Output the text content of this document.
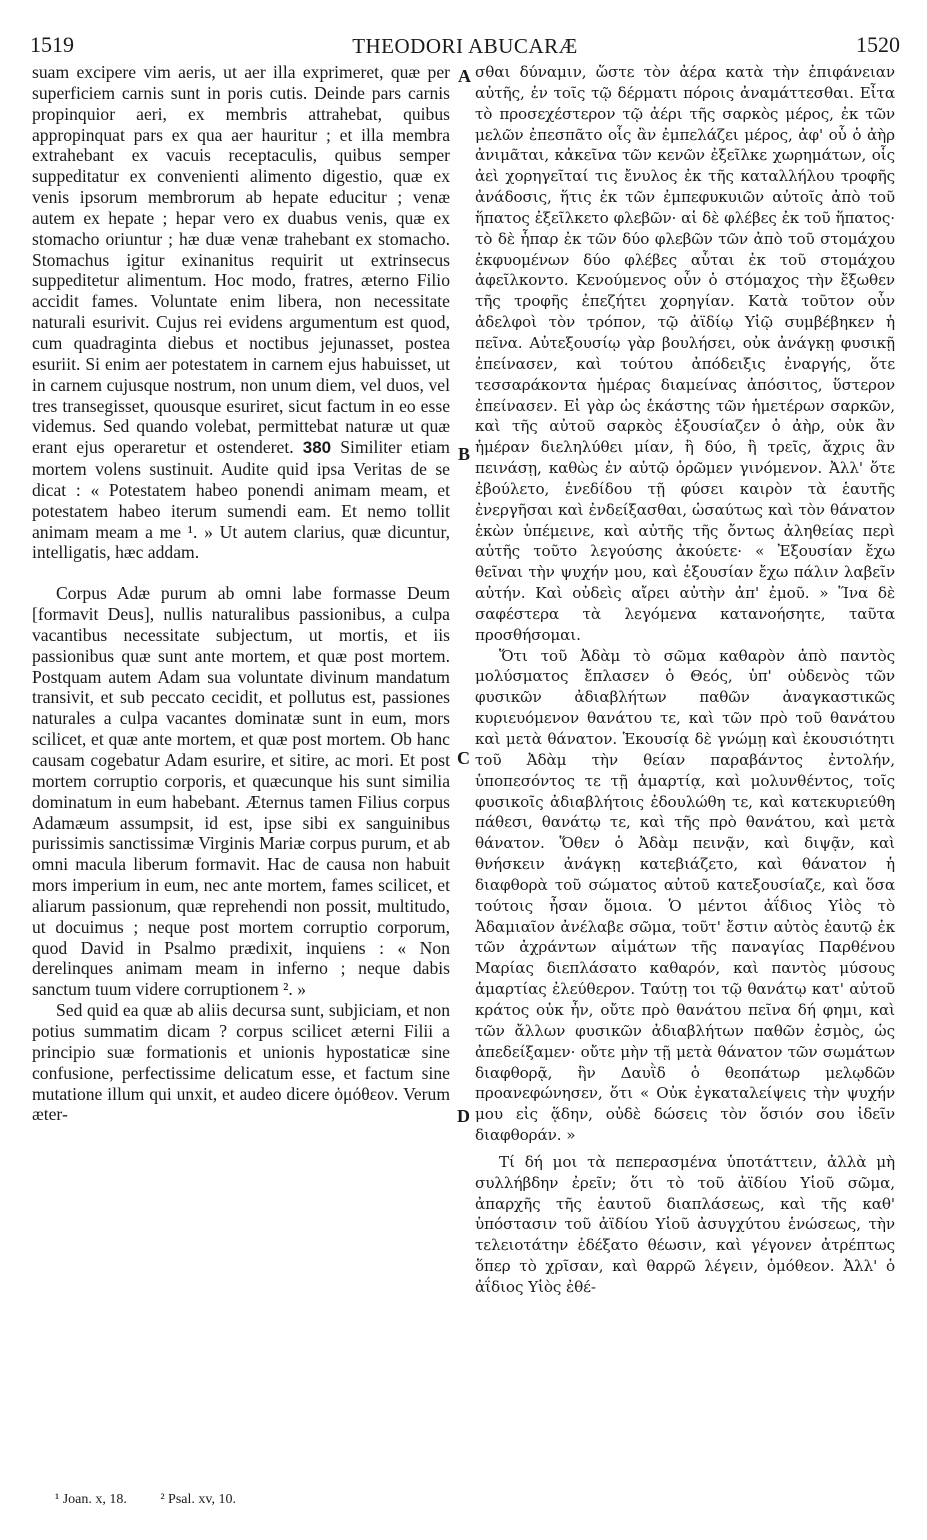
1519	THEODORI ABUCARÆ	1520

suam excipere vim aeris, ut aer illa exprimeret, quæ per superficiem carnis sunt in poris cutis. Deinde pars carnis propinquior aeri, ex membris attrahebat, quibus appropinquat pars ex qua aer hauritur ; et illa membra extrahebant ex vacuis receptaculis, quibus semper suppeditatur ex convenienti alimento digestio, quæ ex venis ipsorum membrorum ab hepate educitur ; venæ autem ex hepate ; hepar vero ex duabus venis, quæ ex stomacho oriuntur ; hæ duæ venæ trahebant ex stomacho. Stomachus igitur exinanitus requirit ut extrinsecus suppeditetur alimentum. Hoc modo, fratres, æterno Filio accidit fames. Voluntate enim libera, non necessitate naturali esurivit. Cujus rei evidens argumentum est quod, cum quadraginta diebus et noctibus jejunasset, postea esuriit. Si enim aer potestatem in carnem ejus habuisset, ut in carnem cujusque nostrum, non unum diem, vel duos, vel tres transegisset, quousque esuriret, sicut factum in eo esse videmus. Sed quando volebat, permittebat naturæ ut quæ erant ejus operaretur et ostenderet. 380 Similiter etiam mortem volens sustinuit. Audite quid ipsa Veritas de se dicat : « Potestatem habeo ponendi animam meam, et potestatem habeo iterum sumendi eam. Et nemo tollit animam meam a me ¹. » Ut autem clarius, quæ dicuntur, intelligatis, hæc addam.

Corpus Adæ purum ab omni labe formasse Deum [formavit Deus], nullis naturalibus passionibus, a culpa vacantibus necessitate subjectum, ut mortis, et iis passionibus quæ sunt ante mortem, et quæ post mortem. Postquam autem Adam sua voluntate divinum mandatum transivit, et sub peccato cecidit, et pollutus est, passiones naturales a culpa vacantes dominatæ sunt in eum, mors scilicet, et quæ ante mortem, et quæ post mortem. Ob hanc causam cogebatur Adam esurire, et sitire, ac mori. Et post mortem corruptio corporis, et quæcunque his sunt similia dominatum in eum habebant. Æternus tamen Filius corpus Adamæum assumpsit, id est, ipse sibi ex sanguinibus purissimis sanctissimæ Virginis Mariæ corpus purum, et ab omni macula liberum formavit. Hac de causa non habuit mors imperium in eum, nec ante mortem, fames scilicet, et aliarum passionum, quæ reprehendi non possit, multitudo, ut docuimus ; neque post mortem corruptio corporum, quod David in Psalmo prædixit, inquiens : « Non derelinques animam meam in inferno ; neque dabis sanctum tuum videre corruptionem ². »

Sed quid ea quæ ab aliis decursa sunt, subjiciam, et non potius summatim dicam ? corpus scilicet æterni Filii a principio suæ formationis et unionis hypostaticæ sine confusione, perfectissime delicatum esse, et factum sine mutatione illum qui unxit, et audeo dicere ὁμόθεον. Verum æter-

σθαι δύναμιν, ὥστε τὸν ἀέρα κατὰ τὴν ἐπιφάνειαν αὐτῆς, ἐν τοῖς τῷ δέρματι πόροις ἀναμάττεσθαι. Εἶτα τὸ προσεχέστερον τῷ ἀέρι τῆς σαρκὸς μέρος, ἐκ τῶν μελῶν ἐπεσπᾶτο οἷς ἂν ἐμπελάζει μέρος, ἀφ' οὗ ὁ ἀὴρ ἀνιμᾶται, κἀκεῖνα τῶν κενῶν ἐξεῖλκε χωρημάτων, οἷς ἀεὶ χορηγεῖταί τις ἔνυλος ἐκ τῆς καταλλήλου τροφῆς ἀνάδοσις, ἥτις ἐκ τῶν ἐμπεφυκυιῶν αὐτοῖς ἀπὸ τοῦ ἥπατος ἐξεῖλκετο φλεβῶν· αἱ δὲ φλέβες ἐκ τοῦ ἥπατος· τὸ δὲ ἧπαρ ἐκ τῶν δύο φλεβῶν τῶν ἀπὸ τοῦ στομάχου ἐκφυομένων δύο φλέβες αὗται ἐκ τοῦ στομάχου ἀφεῖλκοντο. Κενούμενος οὖν ὁ στόμαχος τὴν ἔξωθεν τῆς τροφῆς ἐπεζήτει χορηγίαν. Κατὰ τοῦτον οὖν ἀδελφοὶ τὸν τρόπον, τῷ ἀϊδίῳ Υἱῷ συμβέβηκεν ἡ πεῖνα. Αὐτεξουσίῳ γὰρ βουλήσει, οὐκ ἀνάγκῃ φυσικῇ ἐπείνασεν, καὶ τούτου ἀπόδειξις ἐναργής, ὅτε τεσσαράκοντα ἡμέρας διαμείνας ἀπόσιτος, ὕστερον ἐπείνασεν. Εἰ γὰρ ὡς ἑκάστης τῶν ἡμετέρων σαρκῶν, καὶ τῆς αὐτοῦ σαρκὸς ἐξουσίαζεν ὁ ἀὴρ, οὐκ ἂν ἡμέραν διεληλύθει μίαν, ἢ δύο, ἢ τρεῖς, ἄχρις ἂν πεινάσῃ, καθὼς ἐν αὐτῷ ὁρῶμεν γινόμενον. Ἀλλ' ὅτε ἐβούλετο, ἐνεδίδου τῇ φύσει καιρὸν τὰ ἑαυτῆς ἐνεργῆσαι καὶ ἐνδείξασθαι, ὡσαύτως καὶ τὸν θάνατον ἑκὼν ὑπέμεινε, καὶ αὐτῆς τῆς ὄντως ἀληθείας περὶ αὐτῆς τοῦτο λεγούσης ἀκούετε· « Ἐξουσίαν ἔχω θεῖναι τὴν ψυχήν μου, καὶ ἐξουσίαν ἔχω πάλιν λαβεῖν αὐτήν. Καὶ οὐδεὶς αἴρει αὐτὴν ἀπ' ἐμοῦ. » Ἵνα δὲ σαφέστερα τὰ λεγόμενα κατανοήσητε, ταῦτα προσθήσομαι.

Ὅτι τοῦ Ἀδὰμ τὸ σῶμα καθαρὸν ἀπὸ παντὸς μολύσματος ἔπλασεν ὁ Θεός, ὑπ' οὐδενὸς τῶν φυσικῶν ἀδιαβλήτων παθῶν ἀναγκαστικῶς κυριευόμενον θανάτου τε, καὶ τῶν πρὸ τοῦ θανάτου καὶ μετὰ θάνατον. Ἑκουσίᾳ δὲ γνώμῃ καὶ ἑκουσιότητι τοῦ Ἀδὰμ τὴν θείαν παραβάντος ἐντολήν, ὑποπεσόντος τε τῇ ἁμαρτίᾳ, καὶ μολυνθέντος, τοῖς φυσικοῖς ἀδιαβλήτοις ἐδουλώθη τε, καὶ κατεκυριεύθη πάθεσι, θανάτῳ τε, καὶ τῆς πρὸ θανάτου, καὶ μετὰ θάνατον. Ὅθεν ὁ Ἀδὰμ πεινᾷν, καὶ διψᾷν, καὶ θνήσκειν ἀνάγκῃ κατεβιάζετο, καὶ θάνατον ἡ διαφθορὰ τοῦ σώματος αὐτοῦ κατεξουσίαζε, καὶ ὅσα τούτοις ἦσαν ὅμοια. Ὁ μέντοι ἀΐδιος Υἱὸς τὸ Ἀδαμιαῖον ἀνέλαβε σῶμα, τοῦτ' ἔστιν αὐτὸς ἑαυτῷ ἐκ τῶν ἀχράντων αἱμάτων τῆς παναγίας Παρθένου Μαρίας διεπλάσατο καθαρόν, καὶ παντὸς μύσους ἁμαρτίας ἐλεύθερον. Ταύτῃ τοι τῷ θανάτῳ κατ' αὐτοῦ κράτος οὐκ ἦν, οὔτε πρὸ θανάτου πεῖνα δή φημι, καὶ τῶν ἄλλων φυσικῶν ἀδιαβλήτων παθῶν ἐσμὸς, ὡς ἀπεδείξαμεν· οὔτε μὴν τῇ μετὰ θάνατον τῶν σωμάτων διαφθορᾷ, ἣν Δαυῒδ ὁ θεοπάτωρ μελῳδῶν προανεφώνησεν, ὅτι « Οὐκ ἐγκαταλείψεις τὴν ψυχήν μου εἰς ᾅδην, οὐδὲ δώσεις τὸν ὅσιόν σου ἰδεῖν διαφθοράν. »

Τί δή μοι τὰ πεπερασμένα ὑποτάττειν, ἀλλὰ μὴ συλλήβδην ἐρεῖν; ὅτι τὸ τοῦ ἀϊδίου Υἱοῦ σῶμα, ἀπαρχῆς τῆς ἑαυτοῦ διαπλάσεως, καὶ τῆς καθ' ὑπόστασιν τοῦ ἀϊδίου Υἱοῦ ἀσυγχύτου ἑνώσεως, τὴν τελειοτάτην ἐδέξατο θέωσιν, καὶ γέγονεν ἀτρέπτως ὅπερ τὸ χρῖσαν, καὶ θαρρῶ λέγειν, ὁμόθεον. Ἀλλ' ὁ ἀΐδιος Υἱὸς ἐθέ-

A
B
C
D
¹ Joan. x, 18. ² Psal. xv, 10.
